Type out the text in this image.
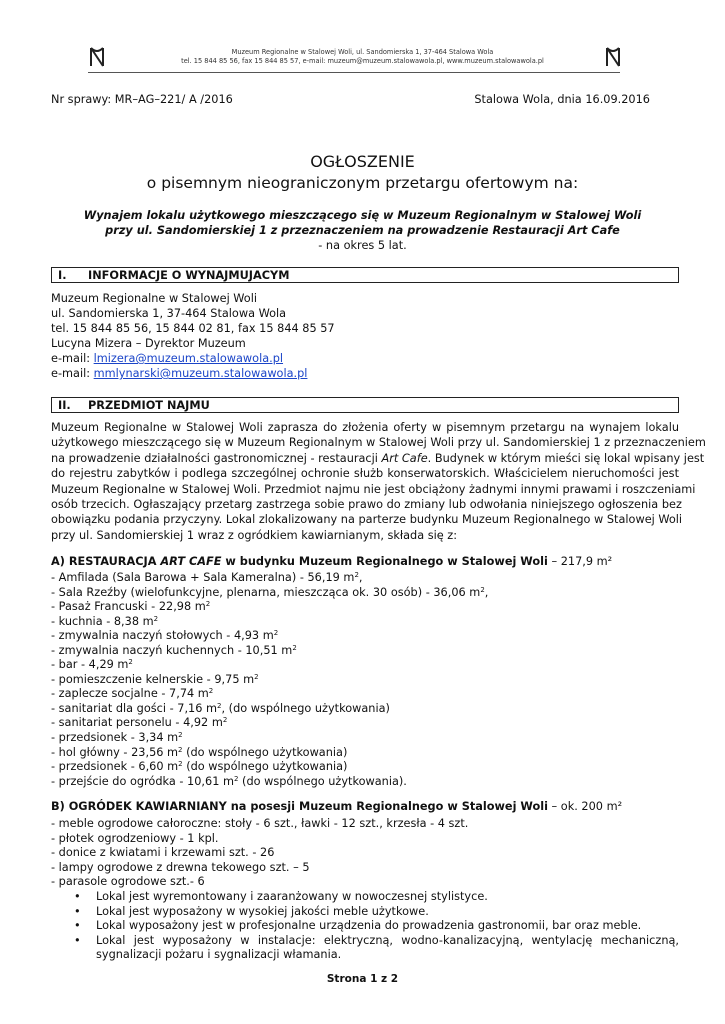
Muzeum Regionalne w Stalowej Woli, ul. Sandomierska 1, 37-464 Stalowa Wola
tel. 15 844 85 56, fax 15 844 85 57, e-mail: muzeum@muzeum.stalowawola.pl, www.muzeum.stalowawola.pl
Nr sprawy: MR–AG–221/ A /2016	Stalowa Wola, dnia 16.09.2016
OGŁOSZENIE
o pisemnym nieograniczonym przetargu ofertowym na:
Wynajem lokalu użytkowego mieszczącego się w Muzeum Regionalnym w Stalowej Woli
przy ul. Sandomierskiej 1 z przeznaczeniem na prowadzenie Restauracji Art Cafe
- na okres 5 lat.
I. INFORMACJE O WYNAJMUJACYM
Muzeum Regionalne w Stalowej Woli
ul. Sandomierska 1, 37-464 Stalowa Wola
tel. 15 844 85 56, 15 844 02 81, fax 15 844 85 57
Lucyna Mizera – Dyrektor Muzeum
e-mail: lmizera@muzeum.stalowawola.pl
e-mail: mmlynarski@muzeum.stalowawola.pl
II. PRZEDMIOT NAJMU
Muzeum Regionalne w Stalowej Woli zaprasza do złożenia oferty w pisemnym przetargu na wynajem lokalu
użytkowego mieszczącego się w Muzeum Regionalnym w Stalowej Woli przy ul. Sandomierskiej 1 z przeznaczeniem
na prowadzenie działalności gastronomicznej - restauracji Art Cafe. Budynek w którym mieści się lokal wpisany jest
do rejestru zabytków i podlega szczególnej ochronie służb konserwatorskich. Właścicielem nieruchomości jest
Muzeum Regionalne w Stalowej Woli. Przedmiot najmu nie jest obciążony żadnymi innymi prawami i roszczeniami
osób trzecich. Ogłaszający przetarg zastrzega sobie prawo do zmiany lub odwołania niniejszego ogłoszenia bez
obowiązku podania przyczyny. Lokal zlokalizowany na parterze budynku Muzeum Regionalnego w Stalowej Woli
przy ul. Sandomierskiej 1 wraz z ogródkiem kawiarnianym, składa się z:
A) RESTAURACJA ART CAFE w budynku Muzeum Regionalnego w Stalowej Woli – 217,9 m²
- Amfilada (Sala Barowa + Sala Kameralna) - 56,19 $m^2$,
- Sala Rzeźby (wielofunkcyjne, plenarna, mieszcząca ok. 30 osób) - 36,06 $m^2$,
- Pasaż Francuski - 22,98 $m^2$
- kuchnia - 8,38 $m^2$
- zmywalnia naczyń stołowych - 4,93 $m^2$
- zmywalnia naczyń kuchennych - 10,51 $m^2$
- bar - 4,29 $m^2$
- pomieszczenie kelnerskie - 9,75 $m^2$
- zaplecze socjalne - 7,74 $m^2$
- sanitariat dla gości - 7,16 $m^2$, (do wspólnego użytkowania)
- sanitariat personelu - 4,92 $m^2$
- przedsionek - 3,34 $m^2$
- hol główny - 23,56 $m^2$ (do wspólnego użytkowania)
- przedsionek - 6,60 $m^2$ (do wspólnego użytkowania)
- przejście do ogródka - 10,61 $m^2$ (do wspólnego użytkowania).
B) OGRÓDEK KAWIARNIANY na posesji Muzeum Regionalnego w Stalowej Woli – ok. 200 m²
- meble ogrodowe całoroczne: stoły - 6 szt., ławki - 12 szt., krzesła - 4 szt.
- płotek ogrodzeniowy - 1 kpl.
- donice z kwiatami i krzewami szt. - 26
- lampy ogrodowe z drewna tekowego szt. – 5
- parasole ogrodowe szt.- 6
• Lokal jest wyremontowany i zaaranżowany w nowoczesnej stylistyce.
• Lokal jest wyposażony w wysokiej jakości meble użytkowe.
• Lokal wyposażony jest w profesjonalne urządzenia do prowadzenia gastronomii, bar oraz meble.
• Lokal jest wyposażony w instalacje: elektryczną, wodno-kanalizacyjną, wentylację mechaniczną, sygnalizacji pożaru i sygnalizacji włamania.
Strona 1 z 2
